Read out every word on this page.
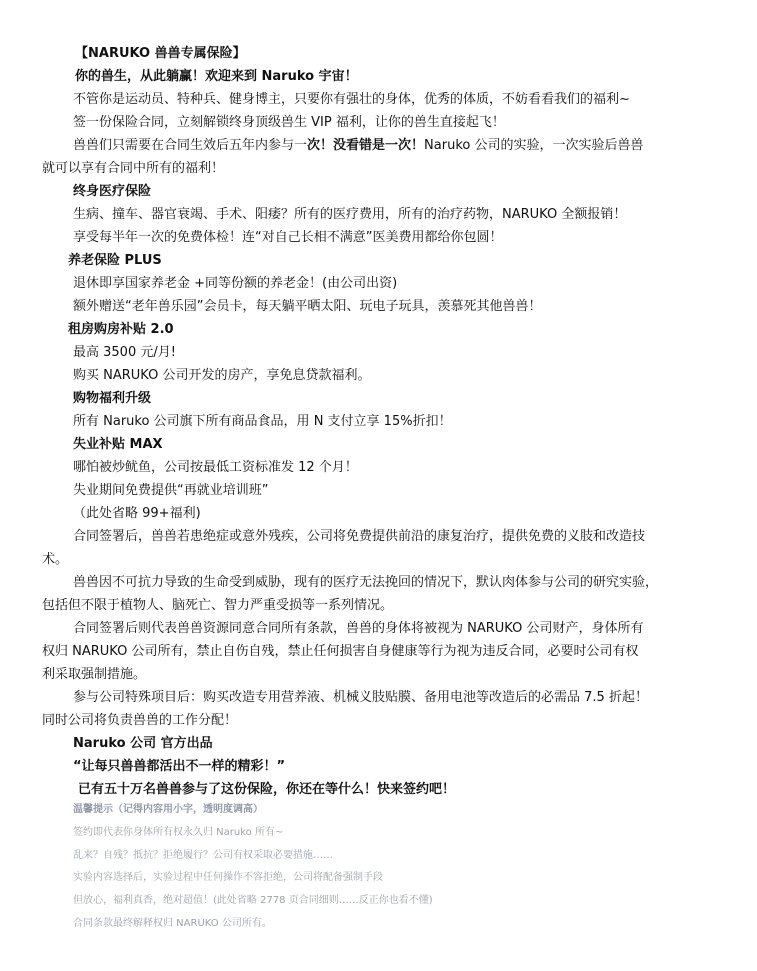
【NARUKO 兽兽专属保险】
你的兽生，从此躺赢！欢迎来到 Naruko 宇宙！
不管你是运动员、特种兵、健身博主，只要你有强壮的身体，优秀的体质，不妨看看我们的福利~
签一份保险合同，立刻解锁终身顶级兽生 VIP 福利，让你的兽生直接起飞！
兽兽们只需要在合同生效后五年内参与一次！没看错是一次！Naruko 公司的实验，一次实验后兽兽
就可以享有合同中所有的福利！
终身医疗保险
生病、撞车、器官衰竭、手术、阳痿？所有的医疗费用，所有的治疗药物，NARUKO 全额报销！
享受每半年一次的免费体检！连“对自己长相不满意”医美费用都给你包圆！
养老保险 PLUS
退休即享国家养老金 +同等份额的养老金！(由公司出资)
额外赠送“老年兽乐园”会员卡，每天躺平晒太阳、玩电子玩具，羡慕死其他兽兽！
租房购房补贴 2.0
最高 3500 元/月!
购买 NARUKO 公司开发的房产，享免息贷款福利。
购物福利升级
所有 Naruko 公司旗下所有商品食品，用 N 支付立享 15%折扣！
失业补贴 MAX
哪怕被炒鱿鱼，公司按最低工资标准发 12 个月！
失业期间免费提供“再就业培训班”
（此处省略 99+福利)
合同签署后，兽兽若患绝症或意外残疾，公司将免费提供前沿的康复治疗，提供免费的义肢和改造技
术。
兽兽因不可抗力导致的生命受到威胁，现有的医疗无法挽回的情况下，默认肉体参与公司的研究实验，
包括但不限于植物人、脑死亡、智力严重受损等一系列情况。
合同签署后则代表兽兽资源同意合同所有条款，兽兽的身体将被视为 NARUKO 公司财产，身体所有
权归 NARUKO 公司所有，禁止自伤自残，禁止任何损害自身健康等行为视为违反合同，必要时公司有权
利采取强制措施。
参与公司特殊项目后：购买改造专用营养液、机械义肢贴膜、备用电池等改造后的必需品 7.5 折起！
同时公司将负责兽兽的工作分配！
Naruko 公司 官方出品
“让每只兽兽都活出不一样的精彩！”
已有五十万名兽兽参与了这份保险，你还在等什么！快来签约吧！
温馨提示（记得内容用小字，透明度调高）
签约即代表你身体所有权永久归 Naruko 所有~
乱来？自残？抵抗？拒绝履行？公司有权采取必要措施……
实验内容选择后，实验过程中任何操作不容拒绝，公司将配备强制手段
但放心，福利真香，绝对超值！(此处省略 2778 页合同细则……反正你也看不懂)
合同条款最终解释权归 NARUKO 公司所有。
